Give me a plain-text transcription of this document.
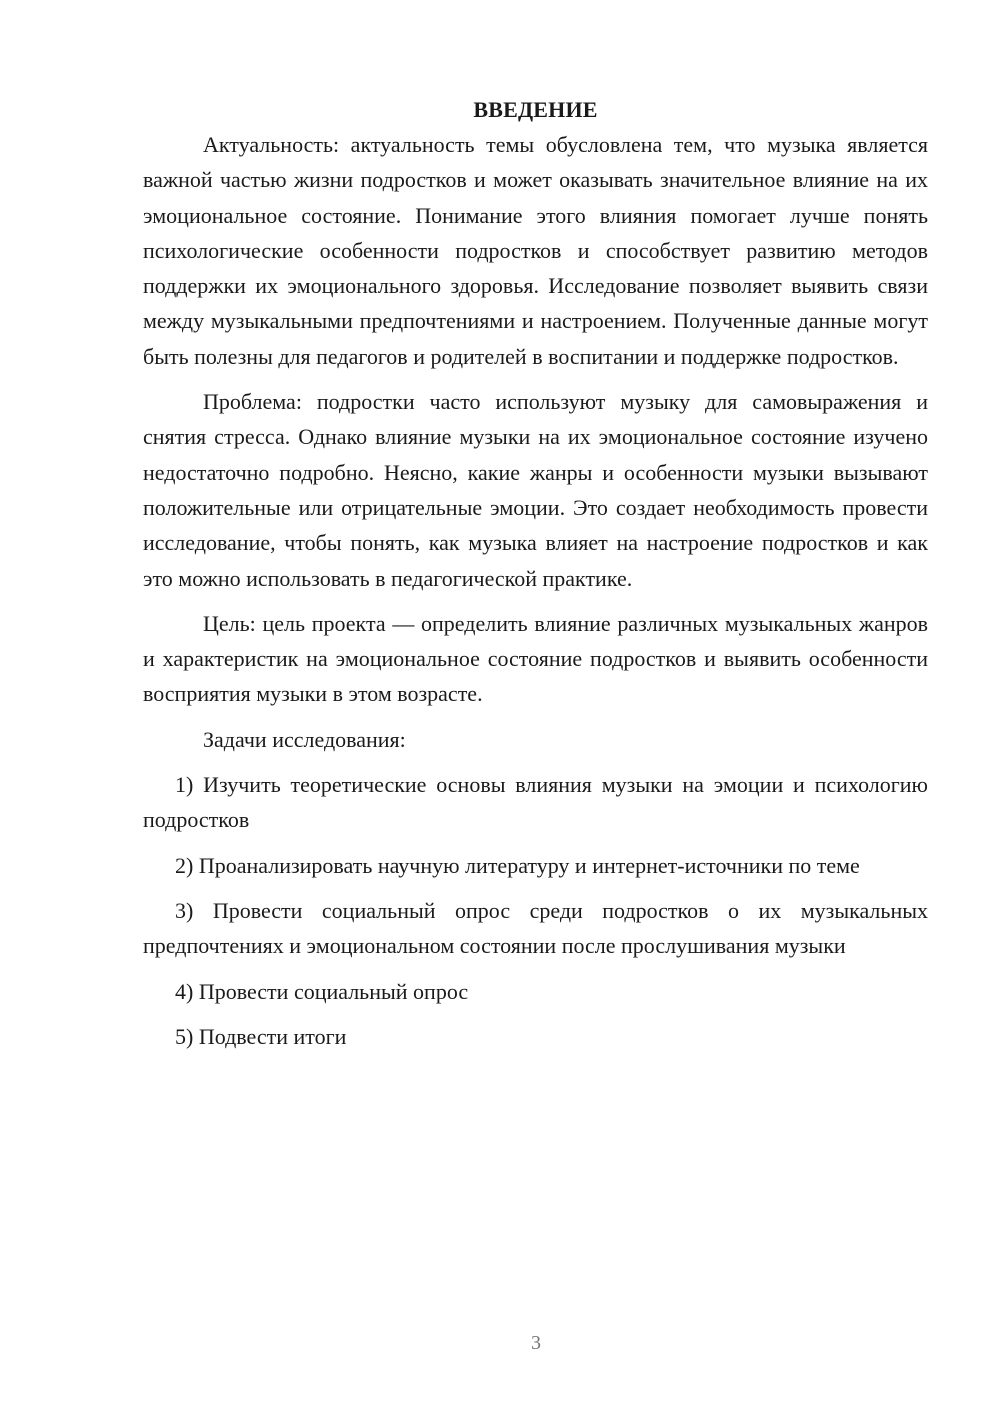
ВВЕДЕНИЕ

Актуальность: актуальность темы обусловлена тем, что музыка является важной частью жизни подростков и может оказывать значительное влияние на их эмоциональное состояние. Понимание этого влияния помогает лучше понять психологические особенности подростков и способствует развитию методов поддержки их эмоционального здоровья. Исследование позволяет выявить связи между музыкальными предпочтениями и настроением. Полученные данные могут быть полезны для педагогов и родителей в воспитании и поддержке подростков.

Проблема: подростки часто используют музыку для самовыражения и снятия стресса. Однако влияние музыки на их эмоциональное состояние изучено недостаточно подробно. Неясно, какие жанры и особенности музыки вызывают положительные или отрицательные эмоции. Это создает необходимость провести исследование, чтобы понять, как музыка влияет на настроение подростков и как это можно использовать в педагогической практике.

Цель: цель проекта — определить влияние различных музыкальных жанров и характеристик на эмоциональное состояние подростков и выявить особенности восприятия музыки в этом возрасте.

Задачи исследования:

1) Изучить теоретические основы влияния музыки на эмоции и психологию подростков

2) Проанализировать научную литературу и интернет-источники по теме

3) Провести социальный опрос среди подростков о их музыкальных предпочтениях и эмоциональном состоянии после прослушивания музыки

4) Провести социальный опрос

5) Подвести итоги

3
